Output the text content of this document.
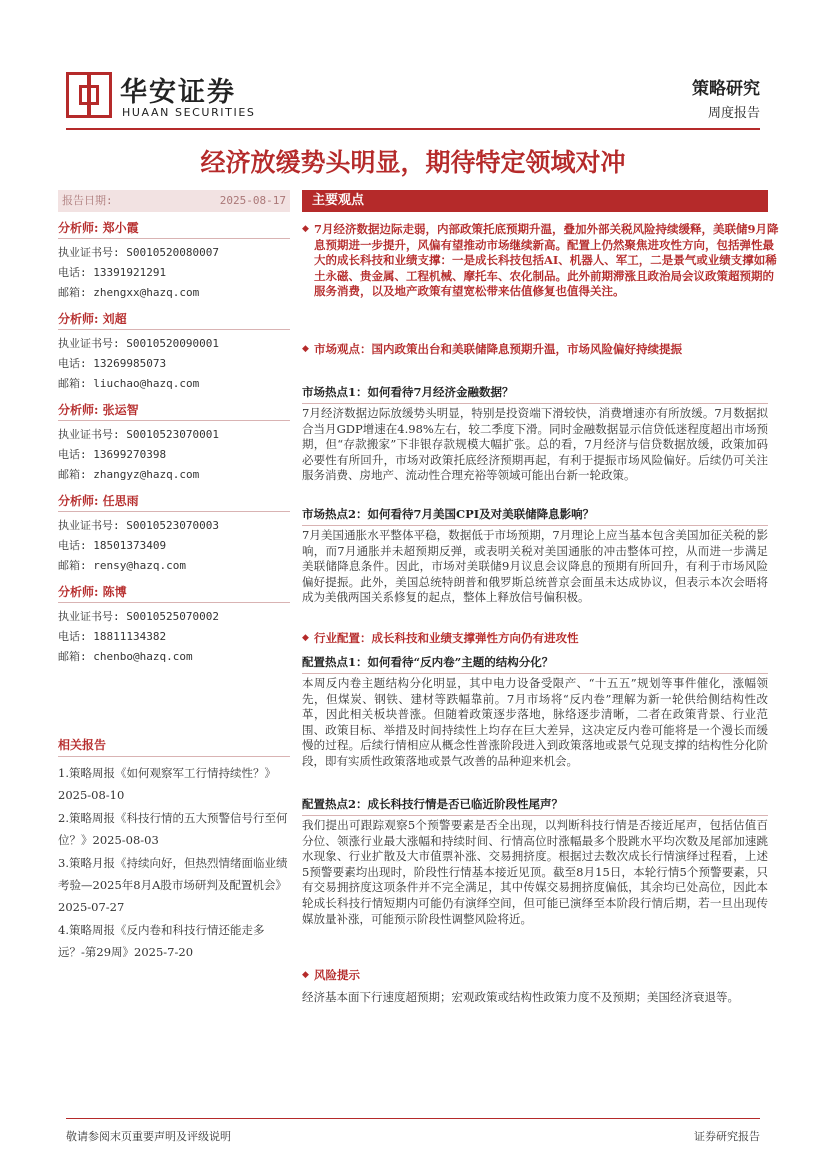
华安证券
HUAAN SECURITIES
策略研究
周度报告
经济放缓势头明显，期待特定领域对冲
报告日期:	2025-08-17
分析师: 郑小霞
执业证书号: S0010520080007
电话: 13391921291
邮箱: zhengxx@hazq.com
分析师: 刘超
执业证书号: S0010520090001
电话: 13269985073
邮箱: liuchao@hazq.com
分析师: 张运智
执业证书号: S0010523070001
电话: 13699270398
邮箱: zhangyz@hazq.com
分析师: 任思雨
执业证书号: S0010523070003
电话: 18501373409
邮箱: rensy@hazq.com
分析师: 陈博
执业证书号: S0010525070002
电话: 18811134382
邮箱: chenbo@hazq.com
相关报告
1.策略周报《如何观察军工行情持续性？》2025-08-10
2.策略周报《科技行情的五大预警信号行至何位？》2025-08-03
3.策略月报《持续向好，但热烈情绪面临业绩考验—2025年8月A股市场研判及配置机会》2025-07-27
4.策略周报《反内卷和科技行情还能走多远？-第29周》2025-7-20
主要观点
◆ 7月经济数据边际走弱，内部政策托底预期升温，叠加外部关税风险持续缓释，美联储9月降息预期进一步提升，风偏有望推动市场继续新高。配置上仍然聚焦进攻性方向，包括弹性最大的成长科技和业绩支撑：一是成长科技包括AI、机器人、军工，二是景气或业绩支撑如稀土永磁、贵金属、工程机械、摩托车、农化制品。此外前期滞涨且政治局会议政策超预期的服务消费，以及地产政策有望宽松带来估值修复也值得关注。
◆ 市场观点：国内政策出台和美联储降息预期升温，市场风险偏好持续提振
市场热点1：如何看待7月经济金融数据？
7月经济数据边际放缓势头明显，特别是投资端下滑较快，消费增速亦有所放缓。7月数据拟合当月GDP增速在4.98%左右，较二季度下滑。同时金融数据显示信贷低迷程度超出市场预期，但“存款搬家”下非银存款规模大幅扩张。总的看，7月经济与信贷数据放缓，政策加码必要性有所回升，市场对政策托底经济预期再起，有利于提振市场风险偏好。后续仍可关注服务消费、房地产、流动性合理充裕等领域可能出台新一轮政策。
市场热点2：如何看待7月美国CPI及对美联储降息影响？
7月美国通胀水平整体平稳，数据低于市场预期，7月理论上应当基本包含美国加征关税的影响，而7月通胀并未超预期反弹，或表明关税对美国通胀的冲击整体可控，从而进一步满足美联储降息条件。因此，市场对美联储9月议息会议降息的预期有所回升，有利于市场风险偏好提振。此外，美国总统特朗普和俄罗斯总统普京会面虽未达成协议，但表示本次会晤将成为美俄两国关系修复的起点，整体上释放信号偏积极。
◆ 行业配置：成长科技和业绩支撑弹性方向仍有进攻性
配置热点1：如何看待“反内卷”主题的结构分化？
本周反内卷主题结构分化明显，其中电力设备受限产、“十五五”规划等事件催化，涨幅领先，但煤炭、钢铁、建材等跌幅靠前。7月市场将“反内卷”理解为新一轮供给侧结构性改革，因此相关板块普涨。但随着政策逐步落地，脉络逐步清晰，二者在政策背景、行业范围、政策目标、举措及时间持续性上均存在巨大差异，这决定反内卷可能将是一个漫长而缓慢的过程。后续行情相应从概念性普涨阶段进入到政策落地或景气兑现支撑的结构性分化阶段，即有实质性政策落地或景气改善的品种迎来机会。
配置热点2：成长科技行情是否已临近阶段性尾声？
我们提出可跟踪观察5个预警要素是否全出现，以判断科技行情是否接近尾声，包括估值百分位、领涨行业最大涨幅和持续时间、行情高位时涨幅最多个股跳水平均次数及尾部加速跳水现象、行业扩散及大市值票补涨、交易拥挤度。根据过去数次成长行情演绎过程看，上述5预警要素均出现时，阶段性行情基本接近见顶。截至8月15日，本轮行情5个预警要素，只有交易拥挤度这项条件并不完全满足，其中传媒交易拥挤度偏低，其余均已处高位，因此本轮成长科技行情短期内可能仍有演绎空间，但可能已演绎至本阶段行情后期，若一旦出现传媒放量补涨，可能预示阶段性调整风险将近。
◆ 风险提示
经济基本面下行速度超预期；宏观政策或结构性政策力度不及预期；美国经济衰退等。
敬请参阅末页重要声明及评级说明	证券研究报告
